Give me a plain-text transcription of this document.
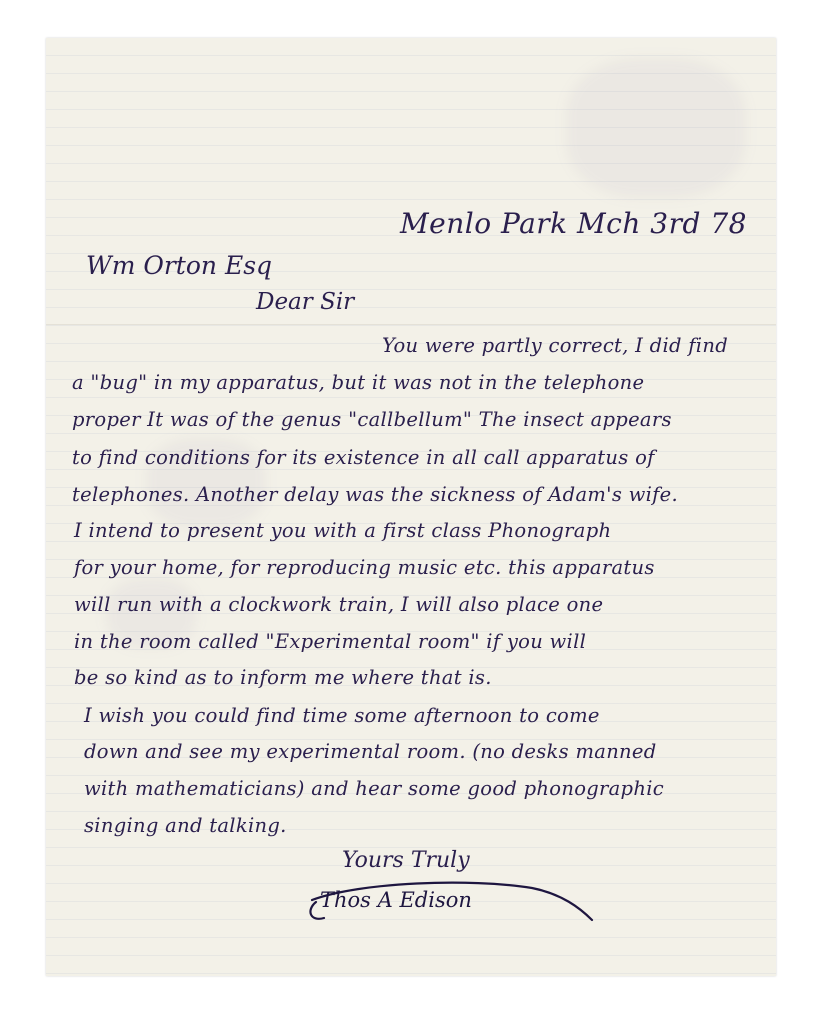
Menlo Park Mch 3rd 78

Wm Orton Esq

Dear Sir

You were partly correct, I did find

a "bug" in my apparatus, but it was not in the telephone

proper It was of the genus "callbellum" The insect appears

to find conditions for its existence in all call apparatus of

telephones. Another delay was the sickness of Adam's wife.

I intend to present you with a first class Phonograph

for your home, for reproducing music etc. this apparatus

will run with a clockwork train, I will also place one

in the room called "Experimental room" if you will

be so kind as to inform me where that is.

I wish you could find time some afternoon to come

down and see my experimental room. (no desks manned

with mathematicians) and hear some good phonographic

singing and talking.

Yours Truly

Thos A Edison
